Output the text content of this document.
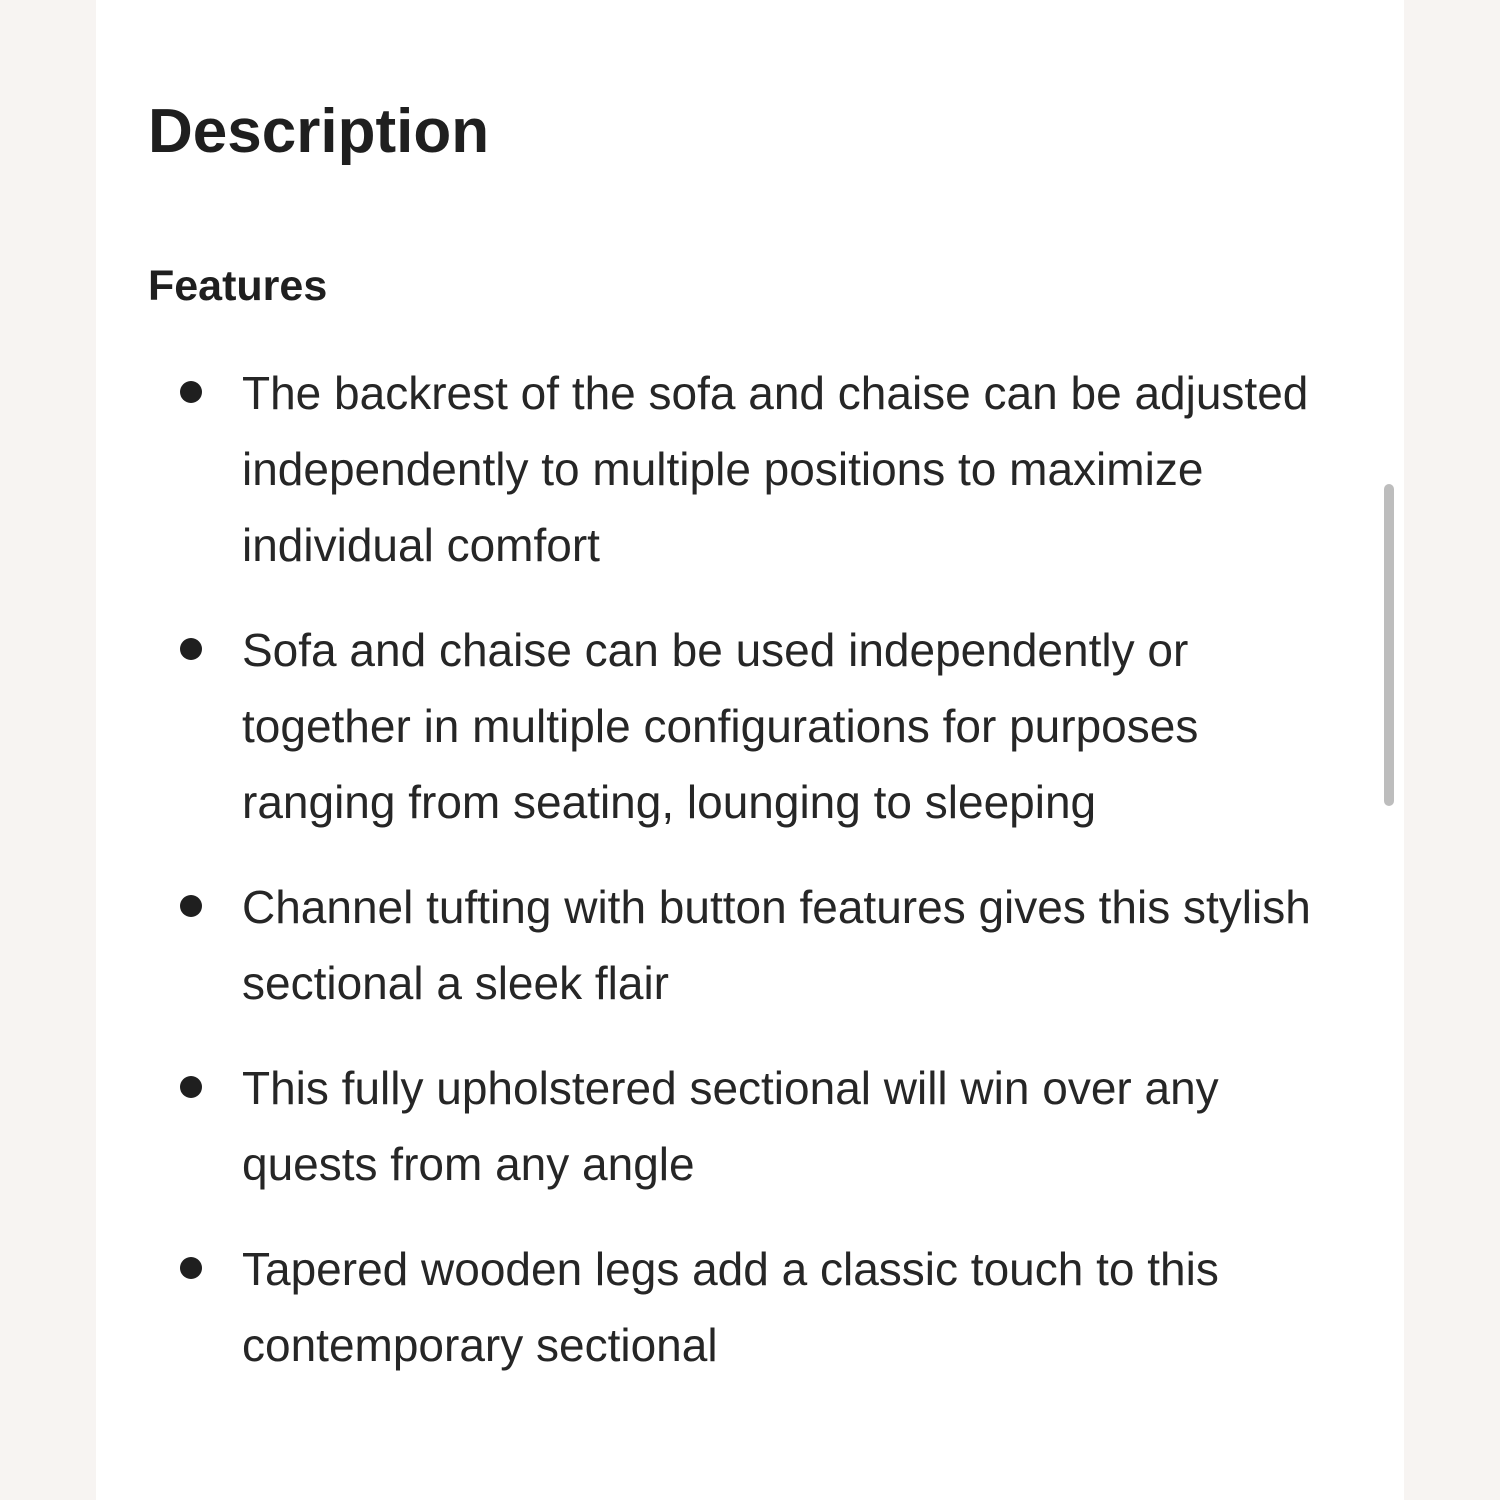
Description
Features
The backrest of the sofa and chaise can be adjusted independently to multiple positions to maximize individual comfort
Sofa and chaise can be used independently or together in multiple configurations for purposes ranging from seating, lounging to sleeping
Channel tufting with button features gives this stylish sectional a sleek flair
This fully upholstered sectional will win over any quests from any angle
Tapered wooden legs add a classic touch to this contemporary sectional
